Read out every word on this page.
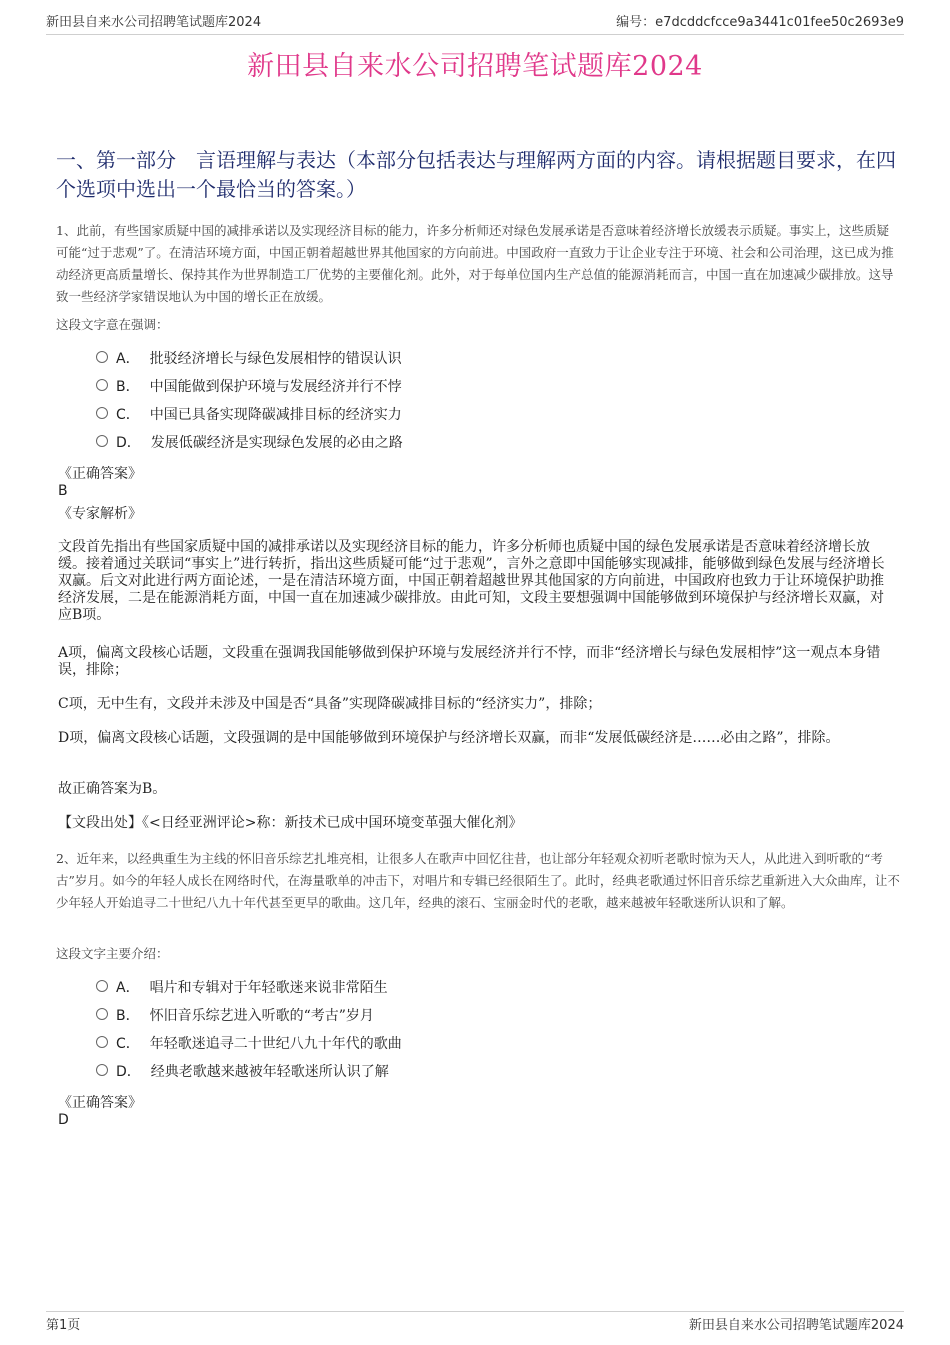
新田县自来水公司招聘笔试题库2024	编号：e7dcddcfcce9a3441c01fee50c2693e9
新田县自来水公司招聘笔试题库2024
一、第一部分　言语理解与表达（本部分包括表达与理解两方面的内容。请根据题目要求，在四个选项中选出一个最恰当的答案。）
1、此前，有些国家质疑中国的减排承诺以及实现经济目标的能力，许多分析师还对绿色发展承诺是否意味着经济增长放缓表示质疑。事实上，这些质疑可能“过于悲观”了。在清洁环境方面，中国正朝着超越世界其他国家的方向前进。中国政府一直致力于让企业专注于环境、社会和公司治理，这已成为推动经济更高质量增长、保持其作为世界制造工厂优势的主要催化剂。此外，对于每单位国内生产总值的能源消耗而言，中国一直在加速减少碳排放。这导致一些经济学家错误地认为中国的增长正在放缓。
这段文字意在强调：
A． 批驳经济增长与绿色发展相悖的错误认识
B． 中国能做到保护环境与发展经济并行不悖
C． 中国已具备实现降碳减排目标的经济实力
D． 发展低碳经济是实现绿色发展的必由之路
《正确答案》
B
《专家解析》
文段首先指出有些国家质疑中国的减排承诺以及实现经济目标的能力，许多分析师也质疑中国的绿色发展承诺是否意味着经济增长放缓。接着通过关联词“事实上”进行转折，指出这些质疑可能“过于悲观”，言外之意即中国能够实现减排，能够做到绿色发展与经济增长双赢。后文对此进行两方面论述，一是在清洁环境方面，中国正朝着超越世界其他国家的方向前进，中国政府也致力于让环境保护助推经济发展，二是在能源消耗方面，中国一直在加速减少碳排放。由此可知，文段主要想强调中国能够做到环境保护与经济增长双赢，对应B项。
A项，偏离文段核心话题，文段重在强调我国能够做到保护环境与发展经济并行不悖，而非“经济增长与绿色发展相悖”这一观点本身错误，排除；
C项，无中生有，文段并未涉及中国是否“具备”实现降碳减排目标的“经济实力”，排除；
D项，偏离文段核心话题，文段强调的是中国能够做到环境保护与经济增长双赢，而非“发展低碳经济是……必由之路”，排除。
故正确答案为B。
【文段出处】《<日经亚洲评论>称：新技术已成中国环境变革强大催化剂》
2、近年来，以经典重生为主线的怀旧音乐综艺扎堆亮相，让很多人在歌声中回忆往昔，也让部分年轻观众初听老歌时惊为天人，从此进入到听歌的“考古”岁月。如今的年轻人成长在网络时代，在海量歌单的冲击下，对唱片和专辑已经很陌生了。此时，经典老歌通过怀旧音乐综艺重新进入大众曲库，让不少年轻人开始追寻二十世纪八九十年代甚至更早的歌曲。这几年，经典的滚石、宝丽金时代的老歌，越来越被年轻歌迷所认识和了解。
这段文字主要介绍：
A． 唱片和专辑对于年轻歌迷来说非常陌生
B． 怀旧音乐综艺进入听歌的“考古”岁月
C． 年轻歌迷追寻二十世纪八九十年代的歌曲
D． 经典老歌越来越被年轻歌迷所认识了解
《正确答案》
D
第1页	新田县自来水公司招聘笔试题库2024
